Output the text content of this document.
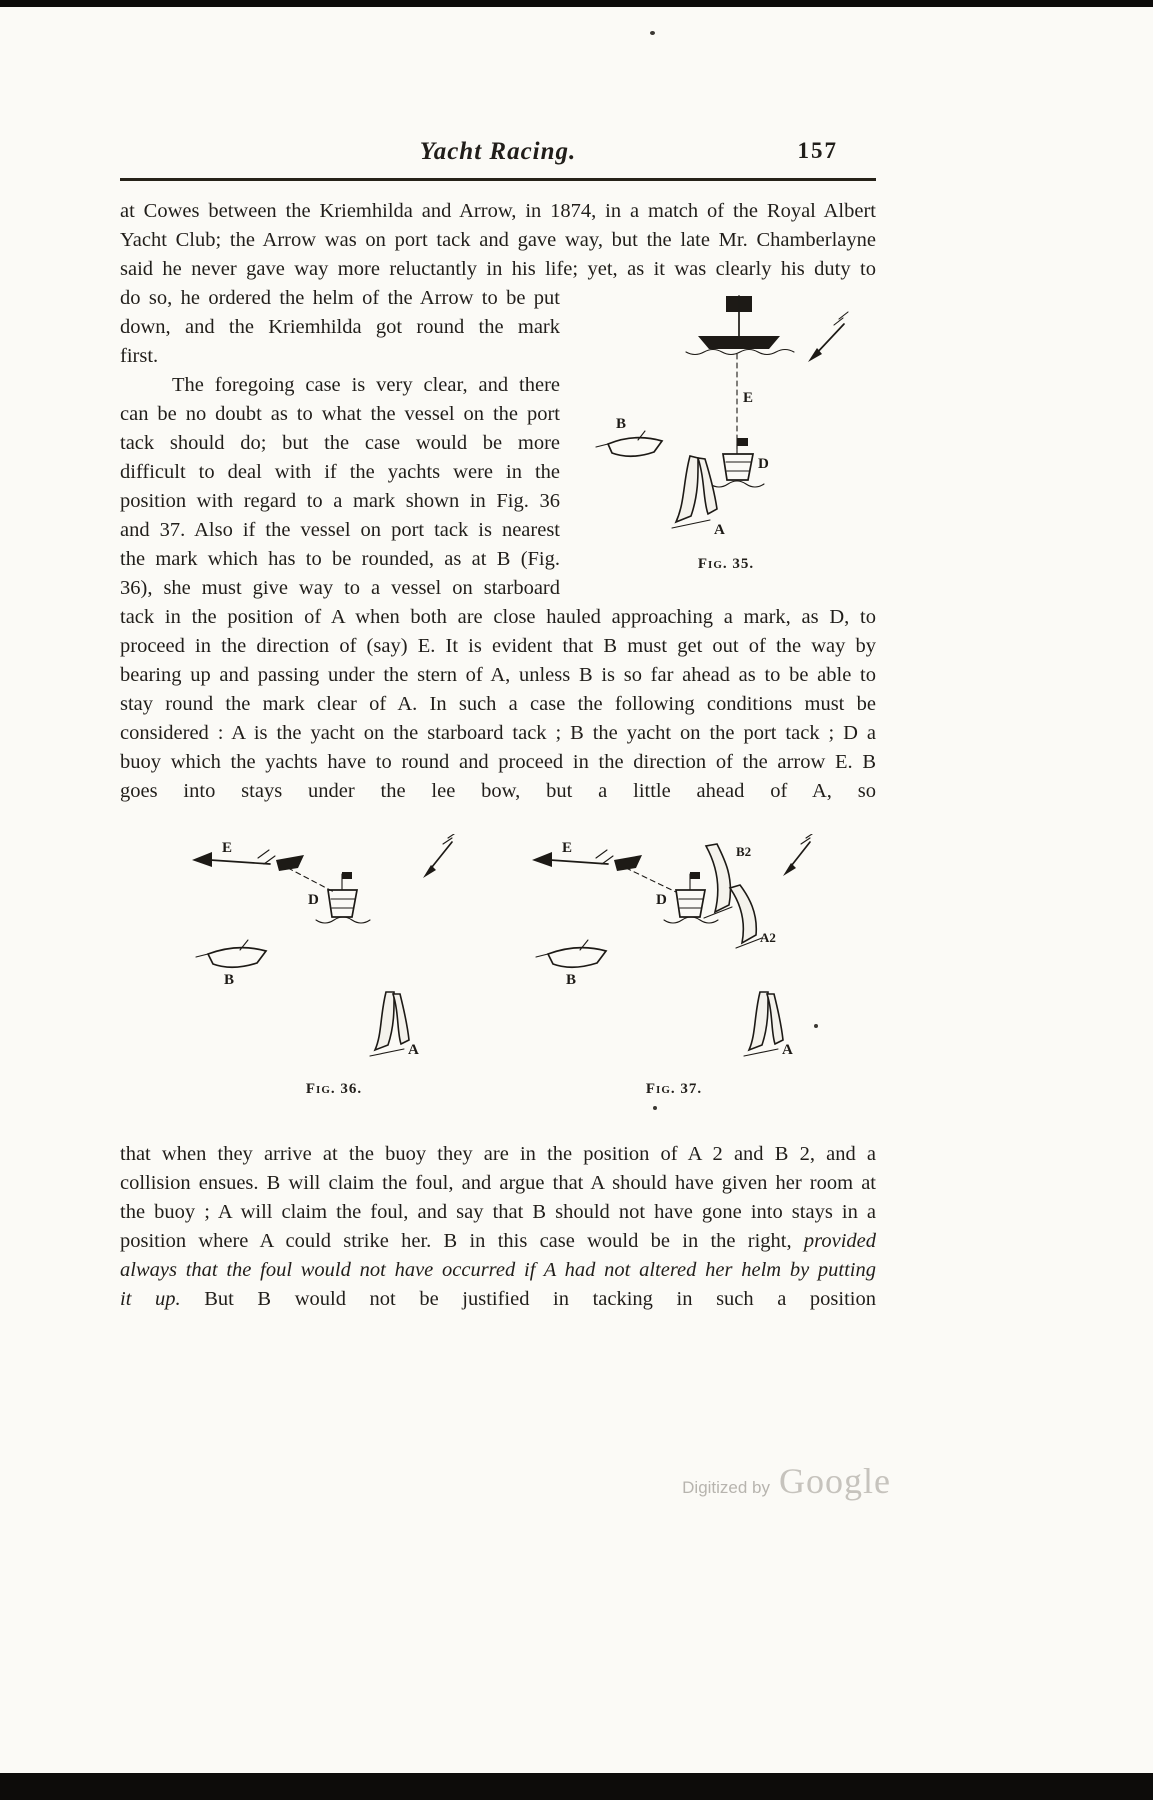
Yacht Racing.	157

at Cowes between the Kriemhilda and Arrow, in 1874, in a match of the Royal Albert Yacht Club; the Arrow was on port tack and gave way, but the late Mr. Chamberlayne said he never gave way more reluctantly in his life; yet, as it was clearly his duty to do so, he
E
D
B
A
Fig. 35.
ordered the helm of the Arrow to be put down, and the Kriemhilda got round the mark first.

The foregoing case is very clear, and there can be no doubt as to what the vessel on the port tack should do; but the case would be more difficult to deal with if the yachts were in the position with regard to a mark shown in Fig. 36 and 37. Also if the vessel on port tack is nearest the mark which has to be rounded, as at B (Fig. 36), she must give way to a vessel on starboard tack in the position of A when both are close hauled approaching a mark, as D, to proceed in the direction of (say) E. It is evident that B must get out of the way by bearing up and passing under the stern of A, unless B is so far ahead as to be able to stay round the mark clear of A. In such a case the following conditions must be considered : A is the yacht on the starboard tack ; B the yacht on the port tack ; D a buoy which the yachts have to round and proceed in the direction of the arrow E. B goes into stays under the lee bow, but a little ahead of A, so

E
D
B
A
Fig. 36.
E
D
B2
A2
B
A
Fig. 37.

that when they arrive at the buoy they are in the position of A 2 and B 2, and a collision ensues. B will claim the foul, and argue that A should have given her room at the buoy ; A will claim the foul, and say that B should not have gone into stays in a position where A could strike her. B in this case would be in the right, provided always that the foul would not have occurred if A had not altered her helm by putting it up. But B would not be justified in tacking in such a position

Digitized by Google
